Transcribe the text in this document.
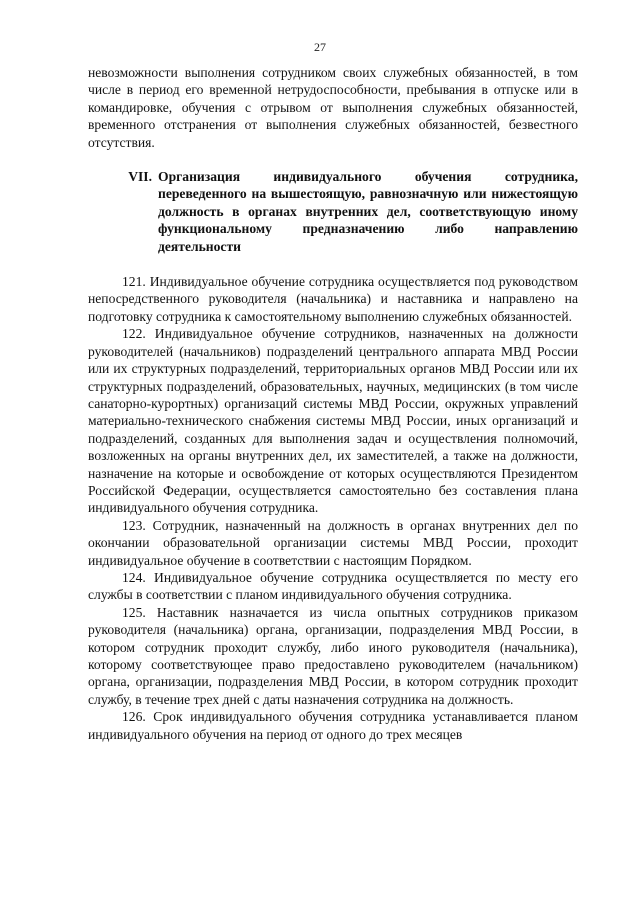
27

невозможности выполнения сотрудником своих служебных обязанностей, в том числе в период его временной нетрудоспособности, пребывания в отпуске или в командировке, обучения с отрывом от выполнения служебных обязанностей, временного отстранения от выполнения служебных обязанностей, безвестного отсутствия.

VII. Организация индивидуального обучения сотрудника, переведенного на вышестоящую, равнозначную или нижестоящую должность в органах внутренних дел, соответствующую иному функциональному предназначению либо направлению деятельности

121. Индивидуальное обучение сотрудника осуществляется под руководством непосредственного руководителя (начальника) и наставника и направлено на подготовку сотрудника к самостоятельному выполнению служебных обязанностей.

122. Индивидуальное обучение сотрудников, назначенных на должности руководителей (начальников) подразделений центрального аппарата МВД России или их структурных подразделений, территориальных органов МВД России или их структурных подразделений, образовательных, научных, медицинских (в том числе санаторно-курортных) организаций системы МВД России, окружных управлений материально-технического снабжения системы МВД России, иных организаций и подразделений, созданных для выполнения задач и осуществления полномочий, возложенных на органы внутренних дел, их заместителей, а также на должности, назначение на которые и освобождение от которых осуществляются Президентом Российской Федерации, осуществляется самостоятельно без составления плана индивидуального обучения сотрудника.

123. Сотрудник, назначенный на должность в органах внутренних дел по окончании образовательной организации системы МВД России, проходит индивидуальное обучение в соответствии с настоящим Порядком.

124. Индивидуальное обучение сотрудника осуществляется по месту его службы в соответствии с планом индивидуального обучения сотрудника.

125. Наставник назначается из числа опытных сотрудников приказом руководителя (начальника) органа, организации, подразделения МВД России, в котором сотрудник проходит службу, либо иного руководителя (начальника), которому соответствующее право предоставлено руководителем (начальником) органа, организации, подразделения МВД России, в котором сотрудник проходит службу, в течение трех дней с даты назначения сотрудника на должность.

126. Срок индивидуального обучения сотрудника устанавливается планом индивидуального обучения на период от одного до трех месяцев
